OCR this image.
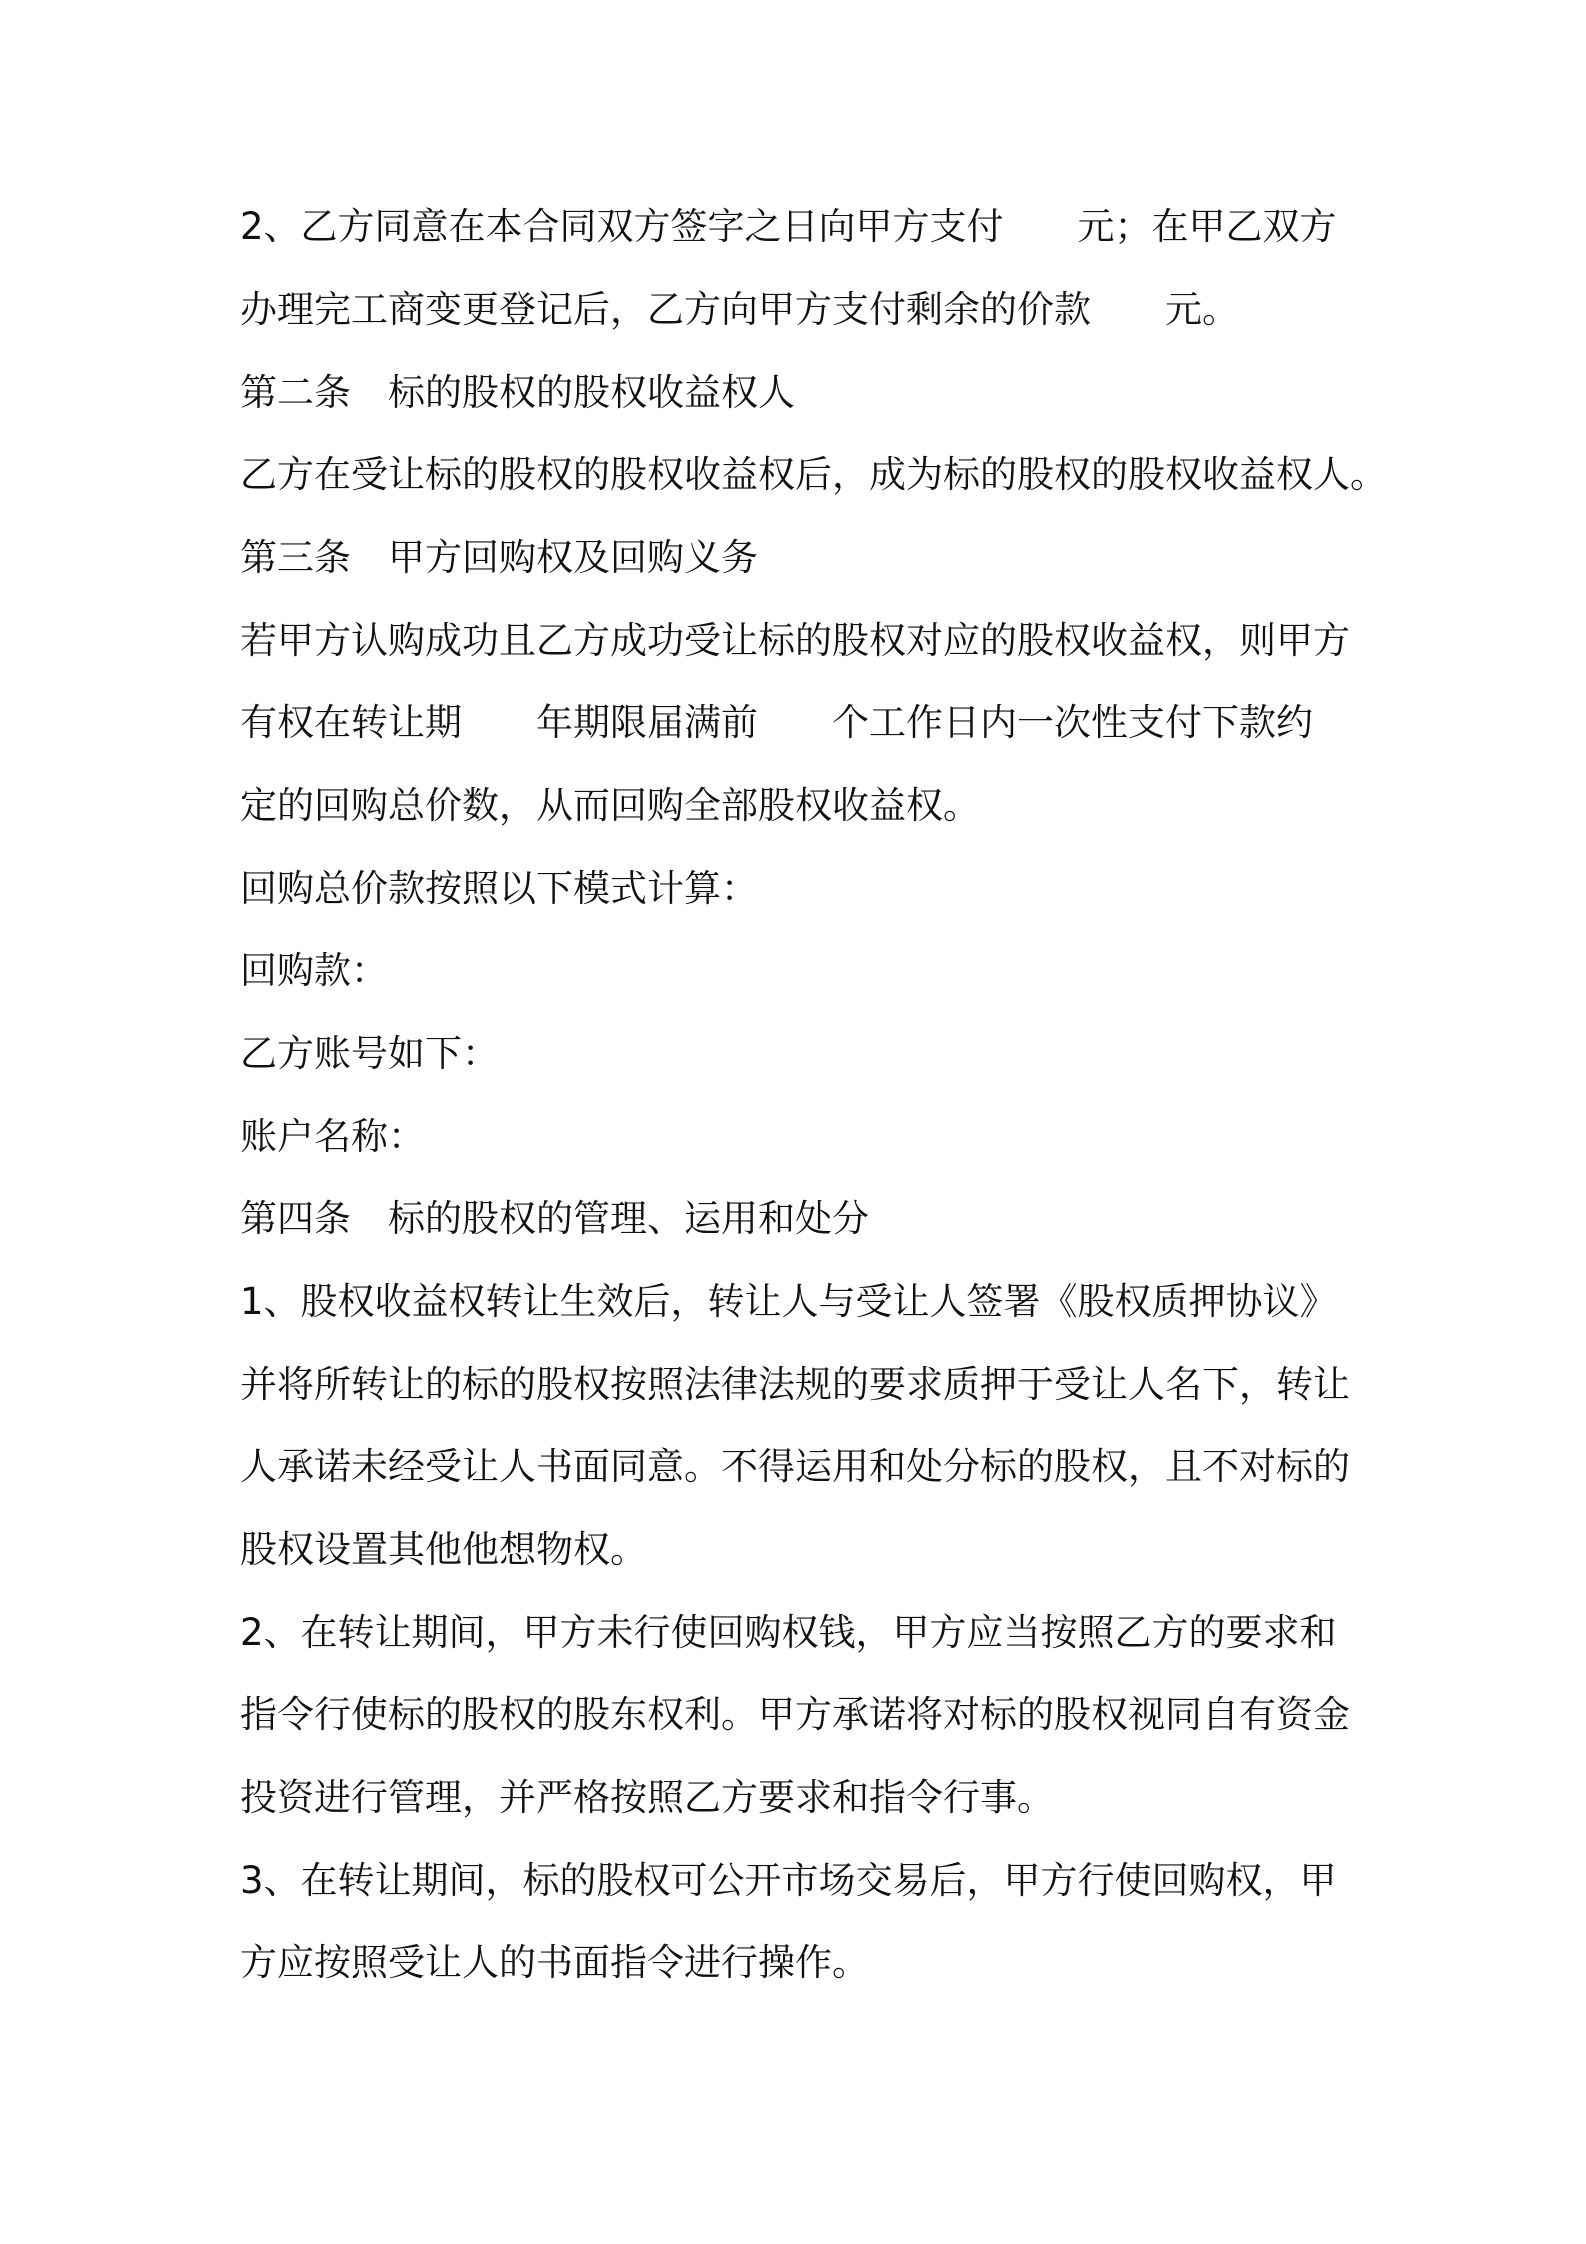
2、乙方同意在本合同双方签字之日向甲方支付　　元；在甲乙双方
办理完工商变更登记后，乙方向甲方支付剩余的价款　　元。
第二条　标的股权的股权收益权人
乙方在受让标的股权的股权收益权后，成为标的股权的股权收益权人。
第三条　甲方回购权及回购义务
若甲方认购成功且乙方成功受让标的股权对应的股权收益权，则甲方
有权在转让期　　年期限届满前　　个工作日内一次性支付下款约
定的回购总价数，从而回购全部股权收益权。
回购总价款按照以下模式计算：
回购款：
乙方账号如下：
账户名称：
第四条　标的股权的管理、运用和处分
1、股权收益权转让生效后，转让人与受让人签署《股权质押协议》
并将所转让的标的股权按照法律法规的要求质押于受让人名下，转让
人承诺未经受让人书面同意。不得运用和处分标的股权，且不对标的
股权设置其他他想物权。
2、在转让期间，甲方未行使回购权钱，甲方应当按照乙方的要求和
指令行使标的股权的股东权利。甲方承诺将对标的股权视同自有资金
投资进行管理，并严格按照乙方要求和指令行事。
3、在转让期间，标的股权可公开市场交易后，甲方行使回购权，甲
方应按照受让人的书面指令进行操作。
